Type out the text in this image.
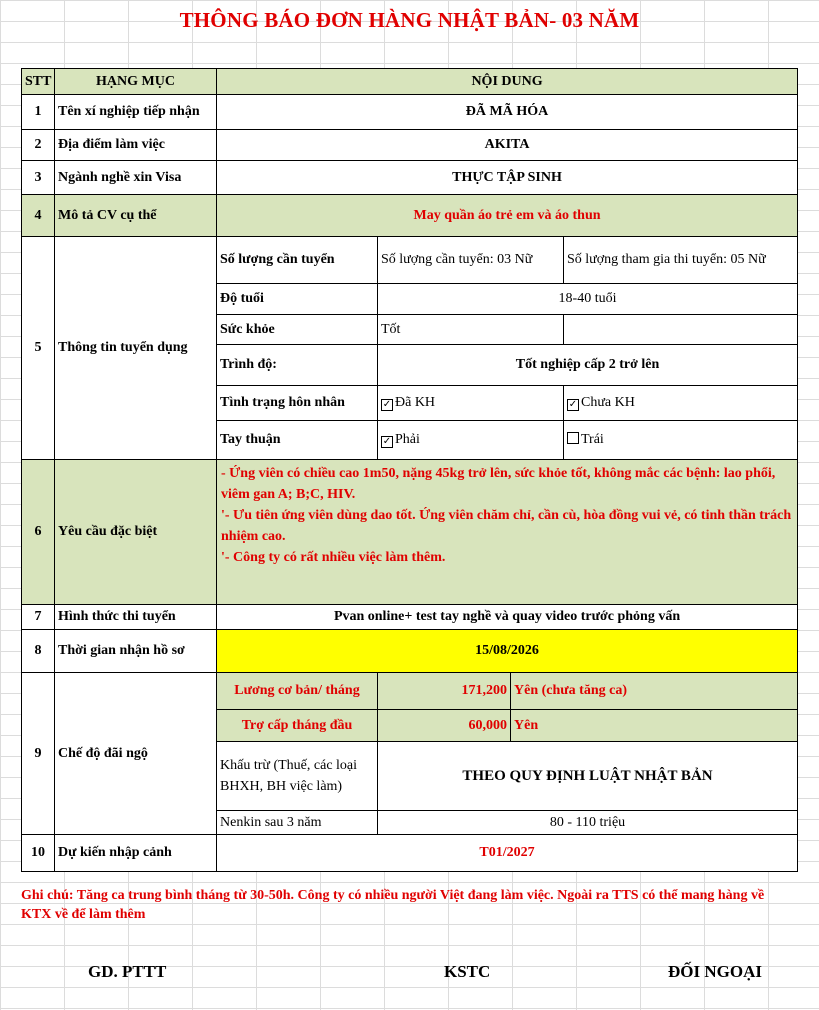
THÔNG BÁO ĐƠN HÀNG NHẬT BẢN- 03 NĂM
STT	HẠNG MỤC	NỘI DUNG			
1	Tên xí nghiệp tiếp nhận	ĐÃ MÃ HÓA			
2	Địa điểm làm việc	AKITA			
3	Ngành nghề xin Visa	THỰC TẬP SINH			
4	Mô tả CV cụ thể	May quần áo trẻ em và áo thun			
5	Thông tin tuyển dụng	Số lượng cần tuyển	Số lượng cần tuyển: 03 Nữ		Số lượng tham gia thi tuyển: 05 Nữ
		Độ tuổi	18-40 tuổi		
		Sức khỏe	Tốt		
		Trình độ:	Tốt nghiệp cấp 2 trở lên		
		Tình trạng hôn nhân	✓ Đã KH		✓ Chưa KH
		Tay thuận	✓ Phải		Trái
6	Yêu cầu đặc biệt	- Ứng viên có chiều cao 1m50, nặng 45kg trở lên, sức khỏe tốt, không mắc các bệnh: lao phổi, viêm gan A; B;C, HIV.
'- Ưu tiên ứng viên dùng dao tốt. Ứng viên chăm chỉ, cần cù, hòa đồng vui vẻ, có tinh thần trách nhiệm cao.
'- Công ty có rất nhiều việc làm thêm.			

7	Hình thức thi tuyển	Pvan online+ test tay nghề và quay video trước phỏng vấn			
8	Thời gian nhận hồ sơ	15/08/2026			
9	Chế độ đãi ngộ	Lương cơ bản/ tháng	171,200	Yên (chưa tăng ca)	
		Trợ cấp tháng đầu	60,000	Yên	
		Khấu trừ (Thuế, các loại BHXH, BH việc làm)	THEO QUY ĐỊNH LUẬT NHẬT BẢN		
		Nenkin sau 3 năm	80 - 110 triệu		
10	Dự kiến nhập cảnh	T01/2027			
Ghi chú: Tăng ca trung bình tháng từ 30-50h. Công ty có nhiều người Việt đang làm việc. Ngoài ra TTS có thể mang hàng về KTX về để làm thêm
GD. PTTT	KSTC	ĐỐI NGOẠI
